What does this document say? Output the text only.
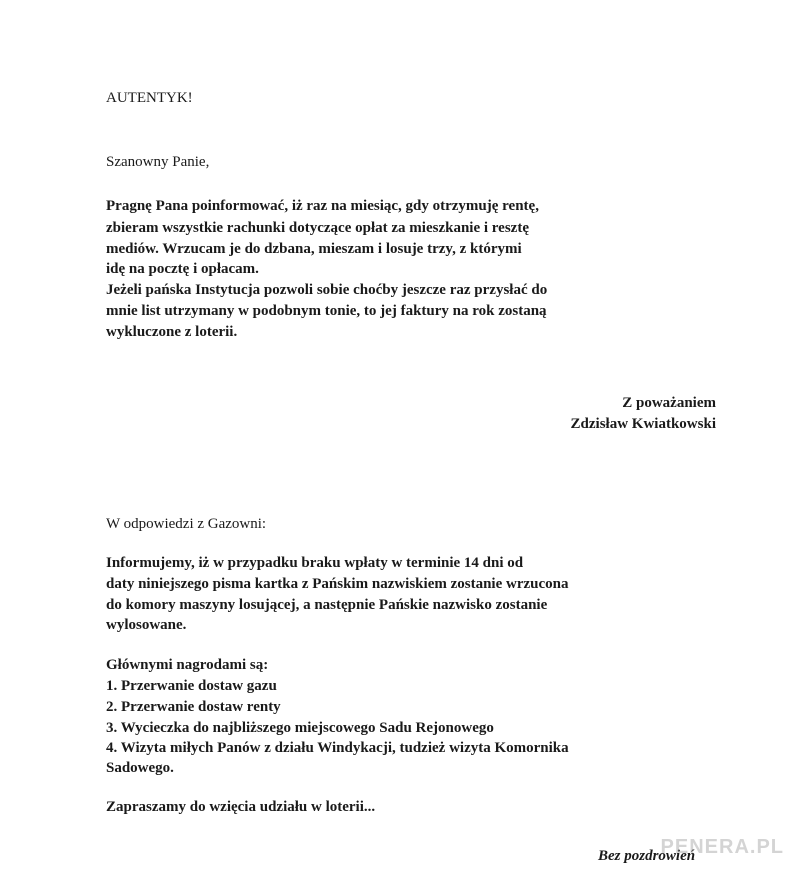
AUTENTYK!
Szanowny Panie,
Pragnę Pana poinformować, iż raz na miesiąc, gdy otrzymuję rentę,
zbieram wszystkie rachunki dotyczące opłat za mieszkanie i resztę
mediów. Wrzucam je do dzbana, mieszam i losuje trzy, z którymi
idę na pocztę i opłacam.
Jeżeli pańska Instytucja pozwoli sobie choćby jeszcze raz przysłać do
mnie list utrzymany w podobnym tonie, to jej faktury na rok zostaną
wykluczone z loterii.
Z poważaniem
Zdzisław Kwiatkowski
W odpowiedzi z Gazowni:
Informujemy, iż w przypadku braku wpłaty w terminie 14 dni od
daty niniejszego pisma kartka z Pańskim nazwiskiem zostanie wrzucona
do komory maszyny losującej, a następnie Pańskie nazwisko zostanie
wylosowane.
Głównymi nagrodami są:
1. Przerwanie dostaw gazu
2. Przerwanie dostaw renty
3. Wycieczka do najbliższego miejscowego Sadu Rejonowego
4. Wizyta miłych Panów z działu Windykacji, tudzież wizyta Komornika
Sadowego.
Zapraszamy do wzięcia udziału w loterii...
Bez pozdrowień
PENERA.PL
